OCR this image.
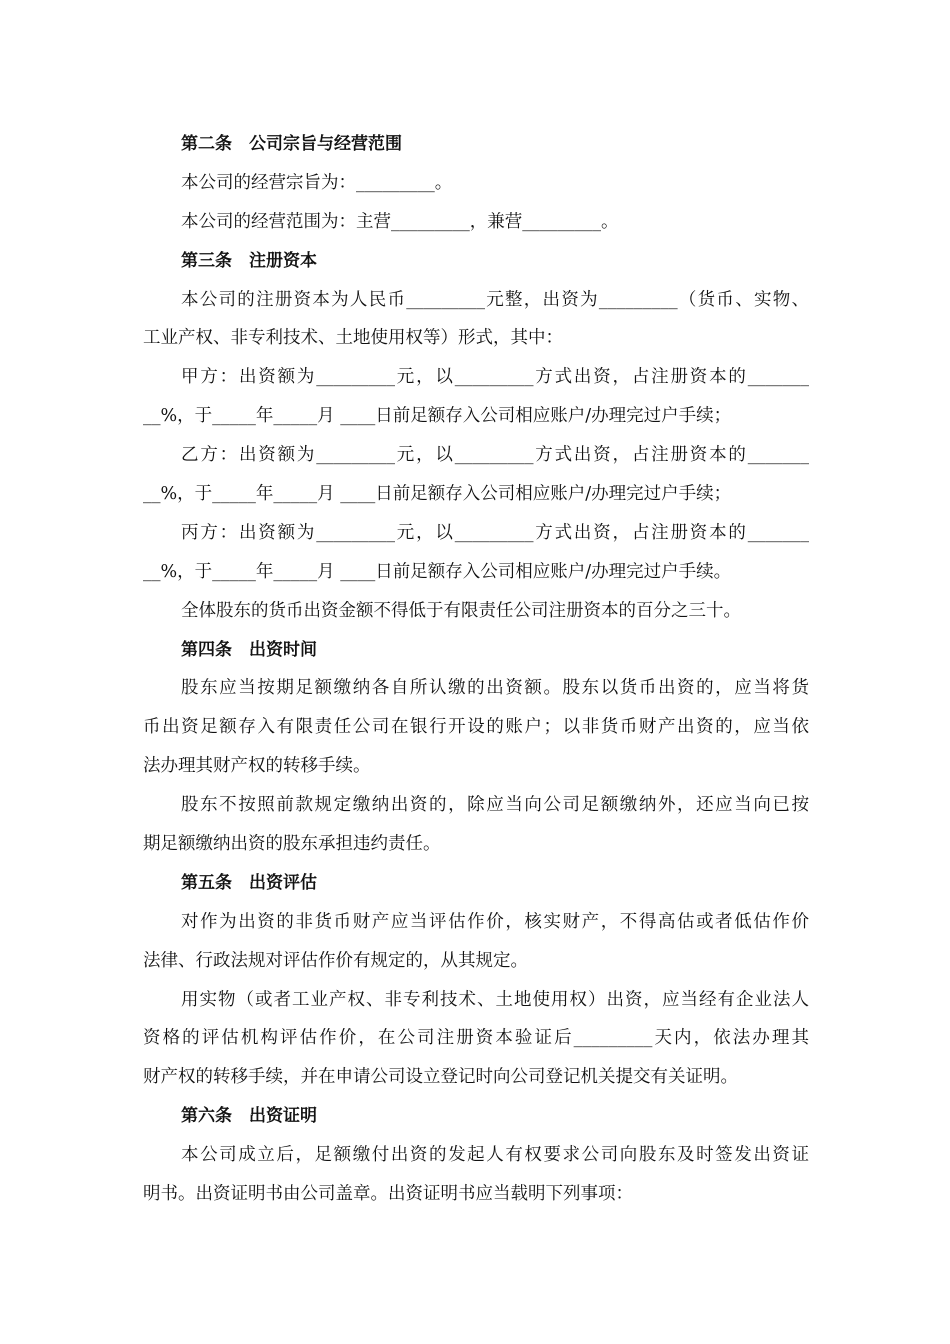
第二条　公司宗旨与经营范围
本公司的经营宗旨为：_________。
本公司的经营范围为：主营_________，兼营_________。
第三条　注册资本
本公司的注册资本为人民币_________元整，出资为_________（货币、实物、
工业产权、非专利技术、土地使用权等）形式，其中：
甲方：出资额为_________元，以_________方式出资，占注册资本的_______
__%，于_____年_____月 ____日前足额存入公司相应账户/办理完过户手续；
乙方：出资额为_________元，以_________方式出资，占注册资本的_______
__%，于_____年_____月 ____日前足额存入公司相应账户/办理完过户手续；
丙方：出资额为_________元，以_________方式出资，占注册资本的_______
__%，于_____年_____月 ____日前足额存入公司相应账户/办理完过户手续。
全体股东的货币出资金额不得低于有限责任公司注册资本的百分之三十。
第四条　出资时间
股东应当按期足额缴纳各自所认缴的出资额。股东以货币出资的，应当将货
币出资足额存入有限责任公司在银行开设的账户；以非货币财产出资的，应当依
法办理其财产权的转移手续。
股东不按照前款规定缴纳出资的，除应当向公司足额缴纳外，还应当向已按
期足额缴纳出资的股东承担违约责任。
第五条　出资评估
对作为出资的非货币财产应当评估作价，核实财产，不得高估或者低估作价
法律、行政法规对评估作价有规定的，从其规定。
用实物（或者工业产权、非专利技术、土地使用权）出资，应当经有企业法人
资格的评估机构评估作价，在公司注册资本验证后_________天内，依法办理其
财产权的转移手续，并在申请公司设立登记时向公司登记机关提交有关证明。
第六条　出资证明
本公司成立后，足额缴付出资的发起人有权要求公司向股东及时签发出资证
明书。出资证明书由公司盖章。出资证明书应当载明下列事项：
